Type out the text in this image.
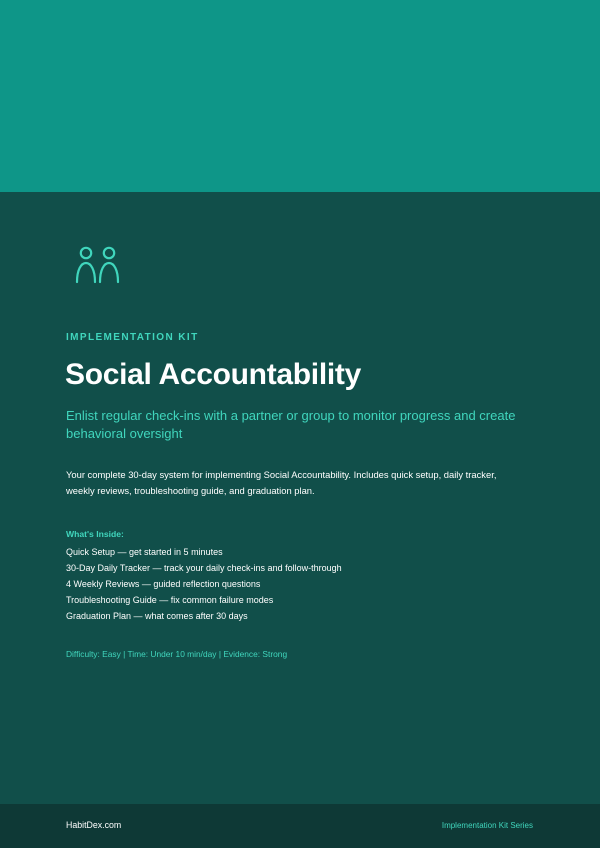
IMPLEMENTATION KIT
Social Accountability
Enlist regular check-ins with a partner or group to monitor progress and create behavioral oversight
Your complete 30-day system for implementing Social Accountability. Includes quick setup, daily tracker, weekly reviews, troubleshooting guide, and graduation plan.
What's Inside:
Quick Setup — get started in 5 minutes
30-Day Daily Tracker — track your daily check-ins and follow-through
4 Weekly Reviews — guided reflection questions
Troubleshooting Guide — fix common failure modes
Graduation Plan — what comes after 30 days
Difficulty: Easy | Time: Under 10 min/day | Evidence: Strong
HabitDex.com	Implementation Kit Series
